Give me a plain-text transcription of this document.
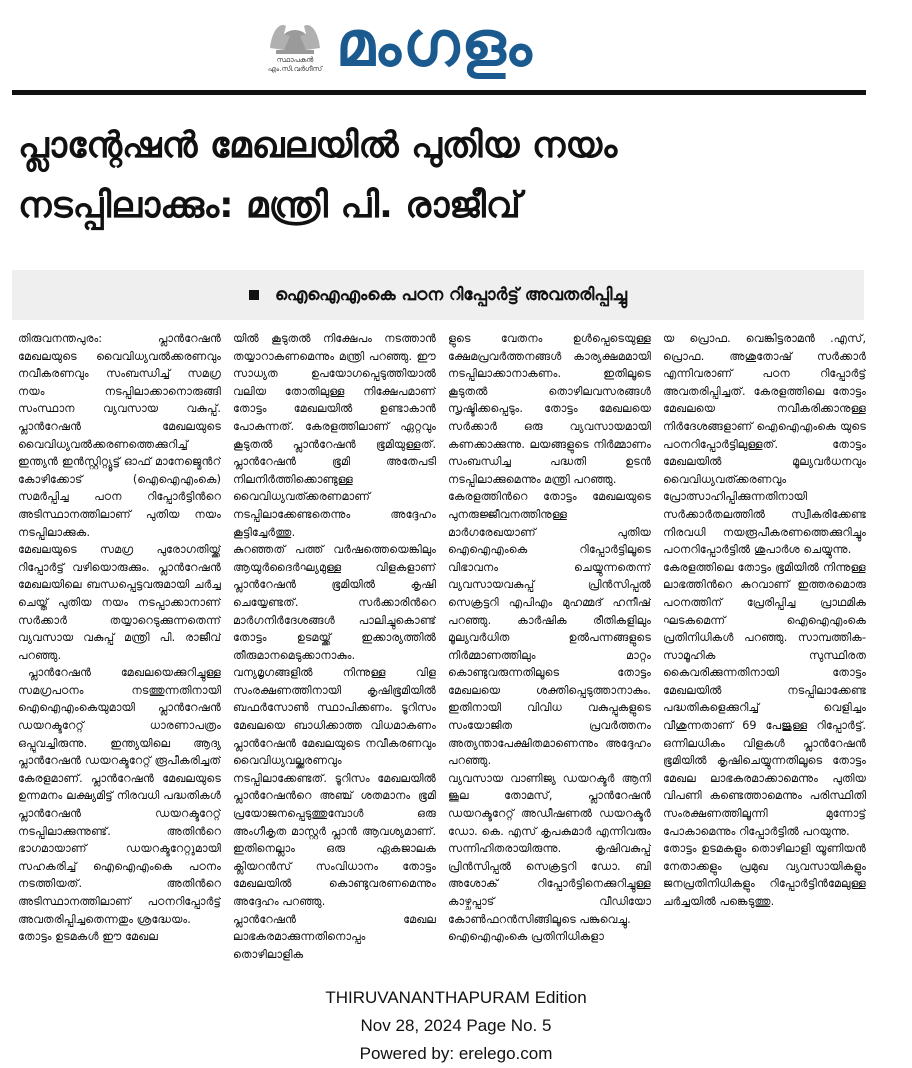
സ്ഥാപകൻ
എം.സി.വർഗീസ് മംഗളം
പ്ലാന്റേഷൻ മേഖലയിൽ പുതിയ നയം
നടപ്പിലാക്കും: മന്ത്രി പി. രാജീവ്
ഐഐഎംകെ പഠന റിപ്പോർട്ട് അവതരിപ്പിച്ചു

തിരുവനന്തപുരം: പ്ലാൻറേഷൻ മേഖലയുടെ വൈവിധ്യവൽക്കരണവും നവീകരണവും സംബന്ധിച്ച് സമഗ്ര നയം നടപ്പിലാക്കാനൊരുങ്ങി സംസ്ഥാന വ്യവസായ വകുപ്പ്. പ്ലാൻറേഷൻ മേഖലയുടെ വൈവിധ്യവൽക്കരണത്തെക്കുറിച്ച് ഇന്ത്യൻ ഇൻസ്റ്റിറ്റ്യൂട്ട് ഓഫ് മാനേജ്മെൻറ് കോഴിക്കോട് (ഐഐഎംകെ) സമർപ്പിച്ച പഠന റിപ്പോർട്ടിൻറെ അടിസ്ഥാനത്തിലാണ് പുതിയ നയം നടപ്പിലാക്കുക.

മേഖലയുടെ സമഗ്ര പുരോഗതിയ്ക്ക് റിപ്പോർട്ട് വഴിയൊരുക്കും. പ്ലാൻറേഷൻ മേഖലയിലെ ബന്ധപ്പെട്ടവരുമായി ചർച്ച ചെയ്ത് പുതിയ നയം നടപ്പാക്കാനാണ് സർക്കാർ തയ്യാറെടുക്കുന്നതെന്ന് വ്യവസായ വകുപ്പ് മന്ത്രി പി. രാജീവ് പറഞ്ഞു.

പ്ലാൻറേഷൻ മേഖലയെക്കുറിച്ചുള്ള സമഗ്രപഠനം നടത്തുന്നതിനായി ഐഐഎംകെയുമായി പ്ലാൻറേഷൻ ഡയറക്ടറേറ്റ് ധാരണാപത്രം ഒപ്പുവച്ചിരുന്നു. ഇന്ത്യയിലെ ആദ്യ പ്ലാൻറേഷൻ ഡയറക്ടറേറ്റ് രൂപീകരിച്ചത് കേരളമാണ്. പ്ലാൻറേഷൻ മേഖലയുടെ ഉന്നമനം ലക്ഷ്യമിട്ട് നിരവധി പദ്ധതികൾ പ്ലാൻറേഷൻ ഡയറക്ടറേറ്റ് നടപ്പിലാക്കുന്നുണ്ട്. അതിൻറെ ഭാഗമായാണ് ഡയറക്ടറേറ്റുമായി സഹകരിച്ച് ഐഐഎംകെ പഠനം നടത്തിയത്. അതിൻറെ അടിസ്ഥാനത്തിലാണ് പഠനറിപ്പോർട്ട് അവതരിപ്പിച്ചതെന്നതും ശ്രദ്ധേയം.

തോട്ടം ഉടമകൾ ഈ മേഖല

യിൽ കൂടുതൽ നിക്ഷേപം നടത്താൻ തയ്യാറാകണമെന്നും മന്ത്രി പറഞ്ഞു. ഈ സാധ്യത ഉപയോഗപ്പെടുത്തിയാൽ വലിയ തോതിലുള്ള നിക്ഷേപമാണ് തോട്ടം മേഖലയിൽ ഉണ്ടാകാൻ പോകുന്നത്. കേരളത്തിലാണ് ഏറ്റവും കൂടുതൽ പ്ലാൻറേഷൻ ഭൂമിയുള്ളത്. പ്ലാൻറേഷൻ ഭൂമി അതേപടി നിലനിർത്തിക്കൊണ്ടുള്ള വൈവിധ്യവത്ക്കരണമാണ് നടപ്പിലാക്കേണ്ടതെന്നും അദ്ദേഹം കൂട്ടിച്ചേർത്തു.

കുറഞ്ഞത് പത്ത് വർഷത്തെയെങ്കിലും ആയുർദൈർഘ്യമുള്ള വിളകളാണ് പ്ലാൻറേഷൻ ഭൂമിയിൽ കൃഷി ചെയ്യേണ്ടത്. സർക്കാരിൻറെ മാർഗനിർദേശങ്ങൾ പാലിച്ചുകൊണ്ട് തോട്ടം ഉടമയ്ക്ക് ഇക്കാര്യത്തിൽ തീരുമാനമെടുക്കാനാകും. വന്യമൃഗങ്ങളിൽ നിന്നുള്ള വിള സംരക്ഷണത്തിനായി കൃഷിഭൂമിയിൽ ബഫർസോൺ സ്ഥാപിക്കണം. ടൂറിസം മേഖലയെ ബാധിക്കാത്ത വിധമാകണം പ്ലാൻറേഷൻ മേഖലയുടെ നവീകരണവും വൈവിധ്യവല്ക്കരണവും നടപ്പിലാക്കേണ്ടത്. ടൂറിസം മേഖലയിൽ പ്ലാൻറേഷൻറെ അഞ്ച് ശതമാനം ഭൂമി പ്രയോജനപ്പെടുത്തുമ്പോൾ ഒരു അംഗീകൃത മാസ്റ്റർ പ്ലാൻ ആവശ്യമാണ്. ഇതിനെല്ലാം ഒരു ഏകജാലക ക്ലിയറൻസ് സംവിധാനം തോട്ടം മേഖലയിൽ കൊണ്ടുവരണമെന്നും അദ്ദേഹം പറഞ്ഞു.

പ്ലാൻറേഷൻ മേഖല ലാഭകരമാക്കുന്നതിനൊപ്പം തൊഴിലാളിക

ളുടെ വേതനം ഉൾപ്പെടെയുള്ള ക്ഷേമപ്രവർത്തനങ്ങൾ കാര്യക്ഷമമായി നടപ്പിലാക്കാനാകണം. ഇതിലൂടെ കൂടുതൽ തൊഴിലവസരങ്ങൾ സൃഷ്ടിക്കപ്പെടും. തോട്ടം മേഖലയെ സർക്കാർ ഒരു വ്യവസായമായി കണക്കാക്കുന്നു. ലയങ്ങളുടെ നിർമ്മാണം സംബന്ധിച്ച പദ്ധതി ഉടൻ നടപ്പിലാക്കുമെന്നും മന്ത്രി പറഞ്ഞു.

കേരളത്തിൻറെ തോട്ടം മേഖലയുടെ പുനരുജ്ജീവനത്തിനുള്ള മാർഗരേഖയാണ് പുതിയ ഐഐഎംകെ റിപ്പോർട്ടിലൂടെ വിഭാവനം ചെയ്യുന്നതെന്ന് വ്യവസായവകുപ്പ് പ്രിൻസിപ്പൽ സെക്രട്ടറി എപിഎം മുഹമ്മദ് ഹനീഷ് പറഞ്ഞു. കാർഷിക രീതികളിലും മൂല്യവർധിത ഉൽപന്നങ്ങളുടെ നിർമ്മാണത്തിലും മാറ്റം കൊണ്ടുവരുന്നതിലൂടെ തോട്ടം മേഖലയെ ശക്തിപ്പെടുത്താനാകും. ഇതിനായി വിവിധ വകുപ്പുകളുടെ സംയോജിത പ്രവർത്തനം അത്യന്താപേക്ഷിതമാണെന്നും അദ്ദേഹം പറഞ്ഞു.

വ്യവസായ വാണിജ്യ ഡയറക്ടർ ആനി ജൂല തോമസ്, പ്ലാൻറേഷൻ ഡയറക്ടറേറ്റ് അഡീഷണൽ ഡയറക്ടർ ഡോ. കെ. എസ് കൃപകുമാർ എന്നിവരും സന്നിഹിതരായിരുന്നു. കൃഷിവകുപ്പ് പ്രിൻസിപ്പൽ സെക്രട്ടറി ഡോ. ബി അശോക് റിപ്പോർട്ടിനെക്കുറിച്ചുള്ള കാഴ്ചപ്പാട് വീഡിയോ കോൺഫറൻസിങ്ങിലൂടെ പങ്കുവെച്ചു.

ഐഐഎംകെ പ്രതിനിധികളാ

യ പ്രൊഫ. വെങ്കിട്ടരാമൻ .എസ്, പ്രൊഫ. അശുതോഷ് സർക്കാർ എന്നിവരാണ് പഠന റിപ്പോർട്ട് അവതരിപ്പിച്ചത്. കേരളത്തിലെ തോട്ടം മേഖലയെ നവീകരിക്കാനുള്ള നിർദേശങ്ങളാണ് ഐഐഎംകെ യുടെ പഠനറിപ്പോർട്ടിലുള്ളത്. തോട്ടം മേഖലയിൽ മൂല്യവർധനവും വൈവിധ്യവത്ക്കരണവും പ്രോത്സാഹിപ്പിക്കുന്നതിനായി സർക്കാർതലത്തിൽ സ്വീകരിക്കേണ്ട നിരവധി നയരൂപീകരണത്തെക്കുറിച്ചും പഠനറിപ്പോർട്ടിൽ ശുപാർശ ചെയ്യുന്നു.

കേരളത്തിലെ തോട്ടം ഭൂമിയിൽ നിന്നുള്ള ലാഭത്തിൻറെ കുറവാണ് ഇത്തരമൊരു പഠനത്തിന് പ്രേരിപ്പിച്ച പ്രാഥമിക ഘടകമെന്ന് ഐഐഎംകെ പ്രതിനിധികൾ പറഞ്ഞു. സാമ്പത്തിക-സാമൂഹിക സുസ്ഥിരത കൈവരിക്കുന്നതിനായി തോട്ടം മേഖലയിൽ നടപ്പിലാക്കേണ്ട പദ്ധതികളെക്കുറിച്ച് വെളിച്ചം വീശുന്നതാണ് 69 പേജുള്ള റിപ്പോർട്ട്. ഒന്നിലധികം വിളകൾ പ്ലാൻറേഷൻ ഭൂമിയിൽ കൃഷിചെയ്യുന്നതിലൂടെ തോട്ടം മേഖല ലാഭകരമാക്കാമെന്നും പുതിയ വിപണി കണ്ടെത്താമെന്നും പരിസ്ഥിതി സംരക്ഷണത്തിലൂന്നി മുന്നോട്ട് പോകാമെന്നും റിപ്പോർട്ടിൽ പറയുന്നു.

തോട്ടം ഉടമകളും തൊഴിലാളി യൂണിയൻ നേതാക്കളും പ്രമുഖ വ്യവസായികളും ജനപ്രതിനിധികളും റിപ്പോർട്ടിൻമേലുള്ള ചർച്ചയിൽ പങ്കെടുത്തു.

THIRUVANANTHAPURAM Edition
Nov 28, 2024 Page No. 5
Powered by: erelego.com
